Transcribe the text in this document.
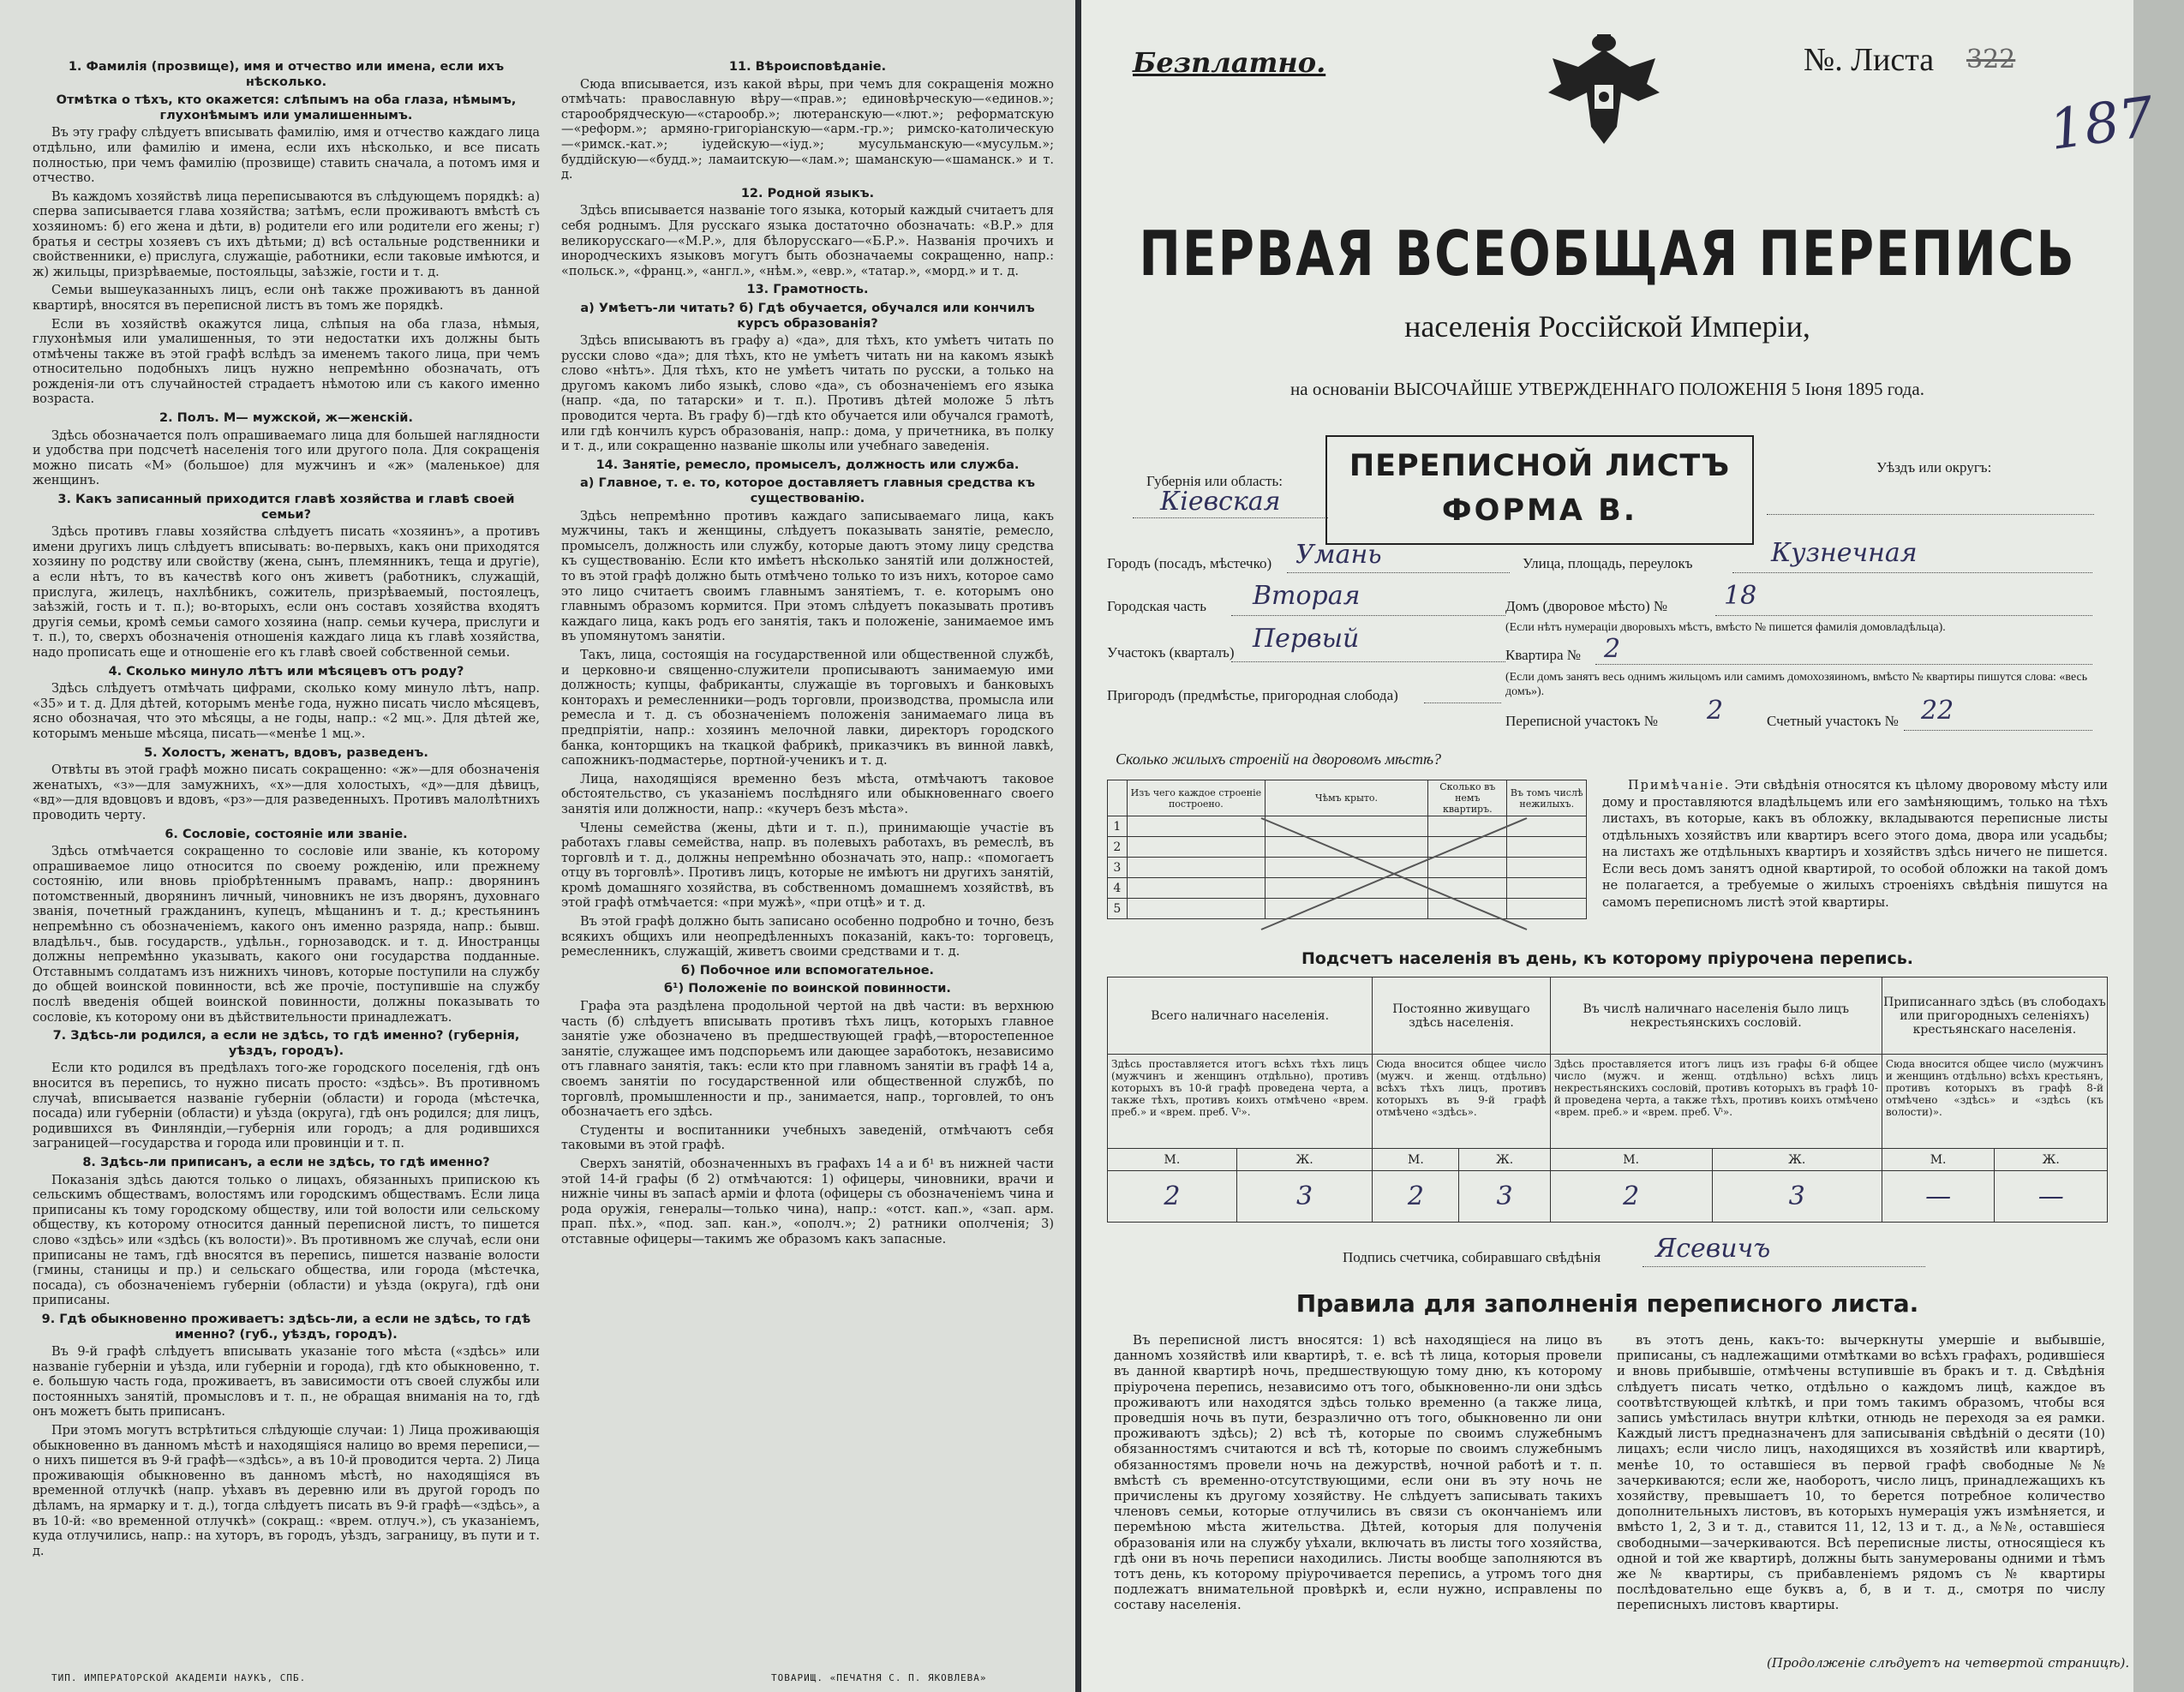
1. Фамилія (прозвище), имя и отчество или имена, если ихъ нѣсколько.

Отмѣтка о тѣхъ, кто окажется: слѣпымъ на оба глаза, нѣмымъ, глухонѣмымъ или умалишеннымъ.

Въ эту графу слѣдуетъ вписывать фамилію, имя и отчество каждаго лица отдѣльно, или фамилію и имена, если ихъ нѣсколько, и все писать полностью, при чемъ фамилію (прозвище) ставить сначала, а потомъ имя и отчество.

Въ каждомъ хозяйствѣ лица переписываются въ слѣдующемъ порядкѣ: а) сперва записывается глава хозяйства; затѣмъ, если проживаютъ вмѣстѣ съ хозяиномъ: б) его жена и дѣти, в) родители его или родители его жены; г) братья и сестры хозяевъ съ ихъ дѣтьми; д) всѣ остальные родственники и свойственники, е) прислуга, служащіе, работники, если таковые имѣются, и ж) жильцы, призрѣваемые, постояльцы, заѣзжіе, гости и т. д.

Семьи вышеуказанныхъ лицъ, если онѣ также проживаютъ въ данной квартирѣ, вносятся въ переписной листъ въ томъ же порядкѣ.

Если въ хозяйствѣ окажутся лица, слѣпыя на оба глаза, нѣмыя, глухонѣмыя или умалишенныя, то эти недостатки ихъ должны быть отмѣчены также въ этой графѣ вслѣдъ за именемъ такого лица, при чемъ относительно подобныхъ лицъ нужно непремѣнно обозначать, отъ рожденія-ли отъ случайностей страдаетъ нѣмотою или съ какого именно возраста.

2. Полъ. М— мужской, ж—женскій.

Здѣсь обозначается полъ опрашиваемаго лица для большей наглядности и удобства при подсчетѣ населенія того или другого пола. Для сокращенія можно писать «М» (большое) для мужчинъ и «ж» (маленькое) для женщинъ.

3. Какъ записанный приходится главѣ хозяйства и главѣ своей семьи?

Здѣсь противъ главы хозяйства слѣдуетъ писать «хозяинъ», а противъ имени другихъ лицъ слѣдуетъ вписывать: во-первыхъ, какъ они приходятся хозяину по родству или свойству (жена, сынъ, племянникъ, теща и другіе), а если нѣтъ, то въ качествѣ кого онъ живетъ (работникъ, служащій, прислуга, жилецъ, нахлѣбникъ, сожитель, призрѣваемый, постоялецъ, заѣзжій, гость и т. п.); во-вторыхъ, если онъ составъ хозяйства входятъ другія семьи, кромѣ семьи самого хозяина (напр. семьи кучера, прислуги и т. п.), то, сверхъ обозначенія отношенія каждаго лица къ главѣ хозяйства, надо прописать еще и отношеніе его къ главѣ своей собственной семьи.

4. Сколько минуло лѣтъ или мѣсяцевъ отъ роду?

Здѣсь слѣдуетъ отмѣчать цифрами, сколько кому минуло лѣтъ, напр. «35» и т. д. Для дѣтей, которымъ менѣе года, нужно писать число мѣсяцевъ, ясно обозначая, что это мѣсяцы, а не годы, напр.: «2 мц.». Для дѣтей же, которымъ меньше мѣсяца, писать—«менѣе 1 мц.».

5. Холостъ, женатъ, вдовъ, разведенъ.

Отвѣты въ этой графѣ можно писать сокращенно: «ж»—для обозначенія женатыхъ, «з»—для замужнихъ, «х»—для холостыхъ, «д»—для дѣвицъ, «вд»—для вдовцовъ и вдовъ, «рз»—для разведенныхъ. Противъ малолѣтнихъ проводить черту.

6. Сословіе, состояніе или званіе.

Здѣсь отмѣчается сокращенно то сословіе или званіе, къ которому опрашиваемое лицо относится по своему рожденію, или прежнему состоянію, или вновь пріобрѣтеннымъ правамъ, напр.: дворянинъ потомственный, дворянинъ личный, чиновникъ не изъ дворянъ, духовнаго званія, почетный гражданинъ, купецъ, мѣщанинъ и т. д.; крестьянинъ непремѣнно съ обозначеніемъ, какого онъ именно разряда, напр.: бывш. владѣльч., быв. государств., удѣльн., горнозаводск. и т. д. Иностранцы должны непремѣнно указывать, какого они государства подданные. Отставнымъ солдатамъ изъ нижнихъ чиновъ, которые поступили на службу до общей воинской повинности, всѣ же прочіе, поступившіе на службу послѣ введенія общей воинской повинности, должны показывать то сословіе, къ которому они въ дѣйствительности принадлежатъ.

7. Здѣсь-ли родился, а если не здѣсь, то гдѣ именно? (губернія, уѣздъ, городъ).

Если кто родился въ предѣлахъ того-же городского поселенія, гдѣ онъ вносится въ перепись, то нужно писать просто: «здѣсь». Въ противномъ случаѣ, вписывается названіе губерніи (области) и города (мѣстечка, посада) или губерніи (области) и уѣзда (округа), гдѣ онъ родился; для лицъ, родившихся въ Финляндіи,—губернія или городъ; а для родившихся заграницей—государства и города или провинціи и т. п.

8. Здѣсь-ли приписанъ, а если не здѣсь, то гдѣ именно?

Показанія здѣсь даются только о лицахъ, обязанныхъ припискою къ сельскимъ обществамъ, волостямъ или городскимъ обществамъ. Если лица приписаны къ тому городскому обществу, или той волости или сельскому обществу, къ которому относится данный переписной листъ, то пишется слово «здѣсь» или «здѣсь (къ волости)». Въ противномъ же случаѣ, если они приписаны не тамъ, гдѣ вносятся въ перепись, пишется названіе волости (гмины, станицы и пр.) и сельскаго общества, или города (мѣстечка, посада), съ обозначеніемъ губерніи (области) и уѣзда (округа), гдѣ они приписаны.

9. Гдѣ обыкновенно проживаетъ: здѣсь-ли, а если не здѣсь, то гдѣ именно? (губ., уѣздъ, городъ).

Въ 9-й графѣ слѣдуетъ вписывать указаніе того мѣста («здѣсь» или названіе губерніи и уѣзда, или губерніи и города), гдѣ кто обыкновенно, т. е. большую часть года, проживаетъ, въ зависимости отъ своей службы или постоянныхъ занятій, промысловъ и т. п., не обращая вниманія на то, гдѣ онъ можетъ быть приписанъ.

При этомъ могутъ встрѣтиться слѣдующіе случаи: 1) Лица проживающія обыкновенно въ данномъ мѣстѣ и находящіяся налицо во время переписи,—о нихъ пишется въ 9-й графѣ—«здѣсь», а въ 10-й проводится черта. 2) Лица проживающія обыкновенно въ данномъ мѣстѣ, но находящіяся въ временной отлучкѣ (напр. уѣхавъ въ деревню или въ другой городъ по дѣламъ, на ярмарку и т. д.), тогда слѣдуетъ писать въ 9-й графѣ—«здѣсь», а въ 10-й: «во временной отлучкѣ» (сокращ.: «врем. отлуч.»), съ указаніемъ, куда отлучились, напр.: на хуторъ, въ городъ, уѣздъ, заграницу, въ пути и т. д.

11. Вѣроисповѣданіе.

Сюда вписывается, изъ какой вѣры, при чемъ для сокращенія можно отмѣчать: православную вѣру—«прав.»; единовѣрческую—«единов.»; старообрядческую—«старообр.»; лютеранскую—«лют.»; реформатскую—«реформ.»; армяно-григоріанскую—«арм.-гр.»; римско-католическую—«римск.-кат.»; іудейскую—«іуд.»; мусульманскую—«мусульм.»; буддійскую—«будд.»; ламаитскую—«лам.»; шаманскую—«шаманск.» и т. д.

12. Родной языкъ.

Здѣсь вписывается названіе того языка, который каждый считаетъ для себя роднымъ. Для русскаго языка достаточно обозначать: «В.Р.» для великорусскаго—«М.Р.», для бѣлорусскаго—«Б.Р.». Названія прочихъ и инородческихъ языковъ могутъ быть обозначаемы сокращенно, напр.: «польск.», «франц.», «англ.», «нѣм.», «евр.», «татар.», «морд.» и т. д.

13. Грамотность.

а) Умѣетъ-ли читать? б) Гдѣ обучается, обучался или кончилъ курсъ образованія?

Здѣсь вписываютъ въ графу а) «да», для тѣхъ, кто умѣетъ читать по русски слово «да»; для тѣхъ, кто не умѣетъ читать ни на какомъ языкѣ слово «нѣтъ». Для тѣхъ, кто не умѣетъ читать по русски, а только на другомъ какомъ либо языкѣ, слово «да», съ обозначеніемъ его языка (напр. «да, по татарски» и т. п.). Противъ дѣтей моложе 5 лѣтъ проводится черта. Въ графу б)—гдѣ кто обучается или обучался грамотѣ, или гдѣ кончилъ курсъ образованія, напр.: дома, у причетника, въ полку и т. д., или сокращенно названіе школы или учебнаго заведенія.

14. Занятіе, ремесло, промыселъ, должность или служба.

а) Главное, т. е. то, которое доставляетъ главныя средства къ существованію.

Здѣсь непремѣнно противъ каждаго записываемаго лица, какъ мужчины, такъ и женщины, слѣдуетъ показывать занятіе, ремесло, промыселъ, должность или службу, которые даютъ этому лицу средства къ существованію. Если кто имѣетъ нѣсколько занятій или должностей, то въ этой графѣ должно быть отмѣчено только то изъ нихъ, которое само это лицо считаетъ своимъ главнымъ занятіемъ, т. е. которымъ оно главнымъ образомъ кормится. При этомъ слѣдуетъ показывать противъ каждаго лица, какъ родъ его занятія, такъ и положеніе, занимаемое имъ въ упомянутомъ занятіи.

Такъ, лица, состоящія на государственной или общественной службѣ, и церковно-и священно-служители прописываютъ занимаемую ими должность; купцы, фабриканты, служащіе въ торговыхъ и банковыхъ конторахъ и ремесленники—родъ торговли, производства, промысла или ремесла и т. д. съ обозначеніемъ положенія занимаемаго лица въ предпріятіи, напр.: хозяинъ мелочной лавки, директоръ городского банка, конторщикъ на ткацкой фабрикѣ, приказчикъ въ винной лавкѣ, сапожникъ-подмастерье, портной-ученикъ и т. д.

Лица, находящіяся временно безъ мѣста, отмѣчаютъ таковое обстоятельство, съ указаніемъ послѣдняго или обыкновеннаго своего занятія или должности, напр.: «кучеръ безъ мѣста».

Члены семейства (жены, дѣти и т. п.), принимающіе участіе въ работахъ главы семейства, напр. въ полевыхъ работахъ, въ ремеслѣ, въ торговлѣ и т. д., должны непремѣнно обозначать это, напр.: «помогаетъ отцу въ торговлѣ». Противъ лицъ, которые не имѣютъ ни другихъ занятій, кромѣ домашняго хозяйства, въ собственномъ домашнемъ хозяйствѣ, въ этой графѣ отмѣчается: «при мужѣ», «при отцѣ» и т. д.

Въ этой графѣ должно быть записано особенно подробно и точно, безъ всякихъ общихъ или неопредѣленныхъ показаній, какъ-то: торговецъ, ремесленникъ, служащій, живетъ своими средствами и т. д.

б) Побочное или вспомогательное.

б¹) Положеніе по воинской повинности.

Графа эта раздѣлена продольной чертой на двѣ части: въ верхнюю часть (б) слѣдуетъ вписывать противъ тѣхъ лицъ, которыхъ главное занятіе уже обозначено въ предшествующей графѣ,—второстепенное занятіе, служащее имъ подспорьемъ или дающее заработокъ, независимо отъ главнаго занятія, такъ: если кто при главномъ занятіи въ графѣ 14 а, своемъ занятіи по государственной или общественной службѣ, по торговлѣ, промышленности и пр., занимается, напр., торговлей, то онъ обозначаетъ его здѣсь.

Студенты и воспитанники учебныхъ заведеній, отмѣчаютъ себя таковыми въ этой графѣ.

Сверхъ занятій, обозначенныхъ въ графахъ 14 а и б¹ въ нижней части этой 14-й графы (б 2) отмѣчаются: 1) офицеры, чиновники, врачи и нижніе чины въ запасѣ арміи и флота (офицеры съ обозначеніемъ чина и рода оружія, генералы—только чина), напр.: «отст. кап.», «зап. арм. прап. пѣх.», «под. зап. кан.», «ополч.»; 2) ратники ополченія; 3) отставные офицеры—такимъ же образомъ какъ запасные.

ТИП. ИМПЕРАТОРСКОЙ АКАДЕМІИ НАУКЪ, СПБ.	ТОВАРИЩ. «ПЕЧАТНЯ С. П. ЯКОВЛЕВА»
Безплатно.	№. Листа 322
187
ПЕРВАЯ ВСЕОБЩАЯ ПЕРЕПИСЬ
населенія Россійской Имперіи,
на основаніи ВЫСОЧАЙШЕ УТВЕРЖДЕННАГО ПОЛОЖЕНІЯ 5 Іюня 1895 года.
Губернія или область:
Кіевская
ПЕРЕПИСНОЙ ЛИСТЪ
ФОРМА В.
Уѣздъ или округъ:
Городъ (посадъ, мѣстечко) Умань	Улица, площадь, переулокъ	Кузнечная
Городская часть Вторая	Домъ (дворовое мѣсто) № 18
(Если нѣтъ нумераціи дворовыхъ мѣстъ, вмѣсто № пишется фамилія домовладѣльца).
Участокъ (кварталъ) Первый
Квартира № 2
(Если домъ занятъ весь однимъ жильцомъ или самимъ домохозяиномъ, вмѣсто № квартиры пишутся слова: «весь домъ»).
Пригородъ (предмѣстье, пригородная слобода)
Переписной участокъ № 2	Счетный участокъ № 22
Сколько жилыхъ строеній на дворовомъ мѣстѣ?
	Изъ чего каждое строеніе построено.	Чѣмъ крыто.	Сколько въ немъ квартиръ.	Въ томъ числѣ нежилыхъ.
1				
2				
3				
4				
5				
Примѣчаніе. Эти свѣдѣнія относятся къ цѣлому дворовому мѣсту или дому и проставляются владѣльцемъ или его замѣняющимъ, только на тѣхъ листахъ, въ которые, какъ въ обложку, вкладываются переписные листы отдѣльныхъ хозяйствъ или квартиръ всего этого дома, двора или усадьбы; на листахъ же отдѣльныхъ квартиръ и хозяйствъ здѣсь ничего не пишется. Если весь домъ занятъ одной квартирой, то особой обложки на такой домъ не полагается, а требуемые о жилыхъ строеніяхъ свѣдѣнія пишутся на самомъ переписномъ листѣ этой квартиры.
Подсчетъ населенія въ день, къ которому пріурочена перепись.
Всего наличнаго населенія.		Постоянно живущаго здѣсь населенія.		Въ числѣ наличнаго населенія было лицъ некрестьянскихъ сословій.		Приписаннаго здѣсь (въ слободахъ или пригородныхъ селеніяхъ) крестьянскаго населенія.	
Здѣсь проставляется итогъ всѣхъ тѣхъ лицъ (мужчинъ и женщинъ отдѣльно), противъ которыхъ въ 10-й графѣ проведена черта, а также тѣхъ, противъ коихъ отмѣчено «врем. преб.» и «врем. преб. Vⁱ».		Сюда вносится общее число (мужч. и женщ. отдѣльно) всѣхъ тѣхъ лицъ, противъ которыхъ въ 9-й графѣ отмѣчено «здѣсь».		Здѣсь проставляется итогъ лицъ изъ графы 6-й общее число (мужч. и женщ. отдѣльно) всѣхъ лицъ некрестьянскихъ сословій, противъ которыхъ въ графѣ 10-й проведена черта, а также тѣхъ, противъ коихъ отмѣчено «врем. преб.» и «врем. преб. Vⁱ».		Сюда вносится общее число (мужчинъ и женщинъ отдѣльно) всѣхъ крестьянъ, противъ которыхъ въ графѣ 8-й отмѣчено «здѣсь» и «здѣсь (къ волости)».	
М.	Ж.	М.	Ж.	М.	Ж.	М.	Ж.
2	3	2	3	2	3	—	—
Подпись счетчика, собиравшаго свѣдѣнія Ясевичъ
Правила для заполненія переписного листа.
Въ переписной листъ вносятся: 1) всѣ находящіеся на лицо въ данномъ хозяйствѣ или квартирѣ, т. е. всѣ тѣ лица, которыя провели въ данной квартирѣ ночь, предшествующую тому дню, къ которому пріурочена перепись, независимо отъ того, обыкновенно-ли они здѣсь проживаютъ или находятся здѣсь только временно (а также лица, проведшія ночь въ пути, безразлично отъ того, обыкновенно ли они проживаютъ здѣсь); 2) всѣ тѣ, которые по своимъ служебнымъ обязанностямъ считаются и всѣ тѣ, которые по своимъ служебнымъ обязанностямъ провели ночь на дежурствѣ, ночной работѣ и т. п. вмѣстѣ съ временно-отсутствующими, если они въ эту ночь не причислены къ другому хозяйству. Не слѣдуетъ записывать такихъ членовъ семьи, которые отлучились въ связи съ окончаніемъ или перемѣною мѣста жительства. Дѣтей, которыя для полученія образованія или на службу уѣхали, включать въ листы того хозяйства, гдѣ они въ ночь переписи находились. Листы вообще заполняются въ тотъ день, къ которому пріурочивается перепись, а утромъ того дня подлежатъ внимательной провѣркѣ и, если нужно, исправлены по составу населенія.
въ этотъ день, какъ-то: вычеркнуты умершіе и выбывшіе, приписаны, съ надлежащими отмѣтками во всѣхъ графахъ, родившіеся и вновь прибывшіе, отмѣчены вступившіе въ бракъ и т. д. Свѣдѣнія слѣдуетъ писать четко, отдѣльно о каждомъ лицѣ, каждое въ соотвѣтствующей клѣткѣ, и при томъ такимъ образомъ, чтобы вся запись умѣстилась внутри клѣтки, отнюдь не переходя за ея рамки. Каждый листъ предназначенъ для записыванія свѣдѣній о десяти (10) лицахъ; если число лицъ, находящихся въ хозяйствѣ или квартирѣ, менѣе 10, то оставшіеся въ первой графѣ свободные №№ зачеркиваются; если же, наоборотъ, число лицъ, принадлежащихъ къ хозяйству, превышаетъ 10, то берется потребное количество дополнительныхъ листовъ, въ которыхъ нумерація ужъ измѣняется, и вмѣсто 1, 2, 3 и т. д., ставится 11, 12, 13 и т. д., а №№, оставшіеся свободными—зачеркиваются. Всѣ переписные листы, относящіеся къ одной и той же квартирѣ, должны быть занумерованы одними и тѣмъ же № квартиры, съ прибавленіемъ рядомъ съ № квартиры послѣдовательно еще буквъ а, б, в и т. д., смотря по числу переписныхъ листовъ квартиры.
(Продолженіе слѣдуетъ на четвертой страницѣ).
